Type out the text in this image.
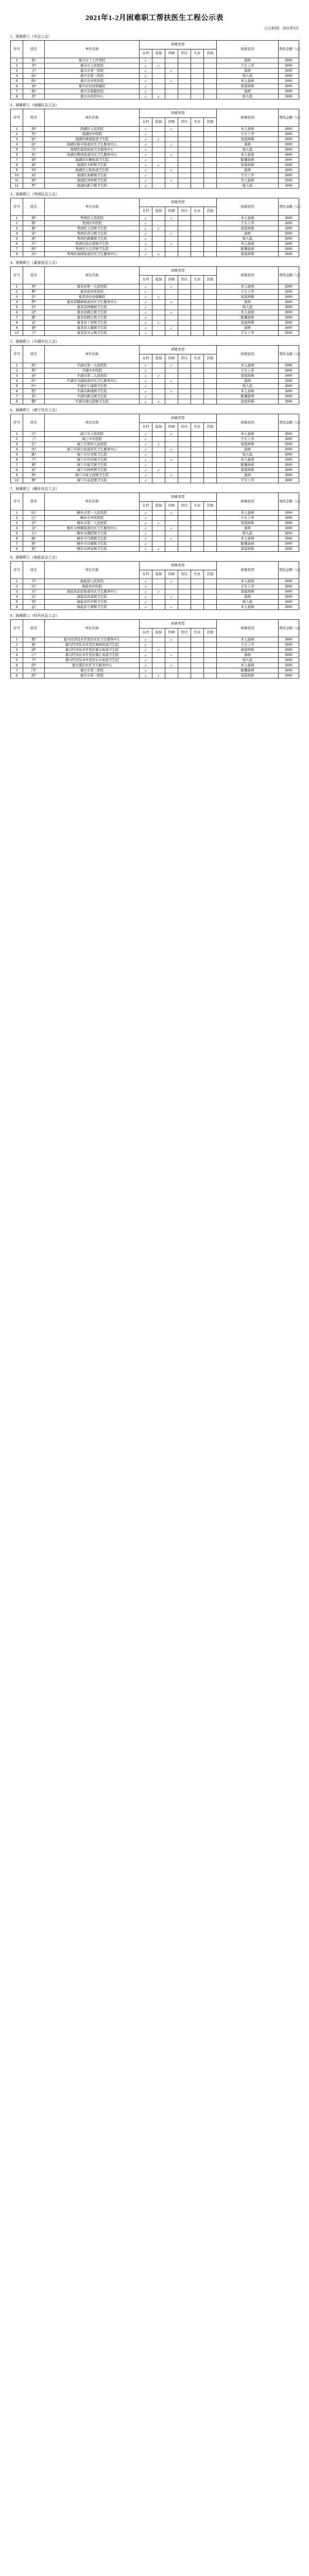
2021年1-2月困难职工帮扶医生工程公示表
公示时间：2021年3月
1、困难职工（市总工会）
序号	姓名	单位名称	困难类型						困难原因	帮扶金额（元）
			在档	低保	因病	因灾	失业	其他		
1	张*	嘉兴市工人疗养院	✓						患病	3000
2	李*	嘉兴市人民医院	✓	✓					子女上学	3000
3	王*	嘉兴市第一医院	✓		✓				患病	3000
4	赵*	嘉兴市第二医院	✓						收入低	3000
5	陈*	嘉兴市中医医院	✓		✓				本人患病	3000
6	刘*	嘉兴市妇幼保健院	✓						家庭困难	3000
7	杨*	嘉兴市康慈医院	✓						患病	3000
8	黄*	嘉兴市疾控中心	✓	✓					收入低	3000
2、困难职工（南湖区总工会）
序号	姓名	单位名称	困难类型						困难原因	帮扶金额（元）
			在档	低保	因病	因灾	失业	其他		
1	周*	南湖区人民医院	✓		✓				本人患病	3000
2	吴*	南湖区中医院	✓						子女上学	3000
3	徐*	南湖区城南街道卫生院	✓	✓					家庭困难	3000
4	孙*	南湖区新兴街道社区卫生服务中心	✓		✓				患病	3000
5	马*	南湖区建设街道卫生服务中心	✓						收入低	3000
6	朱*	南湖区解放街道社区卫生服务中心	✓		✓				本人患病	3000
7	胡*	南湖区东栅街道卫生院	✓						配偶患病	3000
8	郭*	南湖区大桥镇卫生院	✓	✓					家庭困难	3000
9	何*	南湖区七星街道卫生院	✓		✓				患病	3000
10	高*	南湖区余新镇卫生院	✓						子女上学	3000
11	林*	南湖区凤桥镇卫生院	✓		✓				本人患病	3000
12	罗*	南湖区新丰镇卫生院	✓						收入低	3000
3、困难职工（秀洲区总工会）
序号	姓名	单位名称	困难类型						困难原因	帮扶金额（元）
			在档	低保	因病	因灾	失业	其他		
1	郑*	秀洲区人民医院	✓		✓				本人患病	3000
2	梁*	秀洲区中医院	✓						子女上学	3000
3	谢*	秀洲区王店镇卫生院	✓	✓					家庭困难	3000
4	宋*	秀洲区洪合镇卫生院	✓		✓				患病	3000
5	唐*	秀洲区新塍镇卫生院	✓						收入低	3000
6	许*	秀洲区油车港镇卫生院	✓		✓				本人患病	3000
7	韩*	秀洲区王江泾镇卫生院	✓						配偶患病	3000
8	冯*	秀洲区高照街道社区卫生服务中心	✓	✓					家庭困难	3000
4、困难职工（嘉善县总工会）
序号	姓名	单位名称	困难类型						困难原因	帮扶金额（元）
			在档	低保	因病	因灾	失业	其他		
1	邓*	嘉善县第一人民医院	✓		✓				本人患病	3000
2	曹*	嘉善县中医医院	✓						子女上学	3000
3	彭*	嘉善县妇幼保健院	✓	✓					家庭困难	3000
4	曾*	嘉善县魏塘街道社区卫生服务中心	✓		✓				患病	3000
5	肖*	嘉善县西塘镇卫生院	✓						收入低	3000
6	田*	嘉善县姚庄镇卫生院	✓		✓				本人患病	3000
7	董*	嘉善县陶庄镇卫生院	✓						配偶患病	3000
8	袁*	嘉善县干窑镇卫生院	✓	✓					家庭困难	3000
9	潘*	嘉善县天凝镇卫生院	✓		✓				患病	3000
10	于*	嘉善县大云镇卫生院	✓						子女上学	3000
5、困难职工（平湖市总工会）
序号	姓名	单位名称	困难类型						困难原因	帮扶金额（元）
			在档	低保	因病	因灾	失业	其他		
1	蒋*	平湖市第一人民医院	✓		✓				本人患病	3000
2	蔡*	平湖市中医院	✓						子女上学	3000
3	余*	平湖市第二人民医院	✓	✓					家庭困难	3000
4	杜*	平湖市当湖街道社区卫生服务中心	✓		✓				患病	3000
5	叶*	平湖市乍浦镇卫生院	✓						收入低	3000
6	程*	平湖市新埭镇卫生院	✓		✓				本人患病	3000
7	苏*	平湖市新仓镇卫生院	✓						配偶患病	3000
8	魏*	平湖市独山港镇卫生院	✓	✓					家庭困难	3000
6、困难职工（海宁市总工会）
序号	姓名	单位名称	困难类型						困难原因	帮扶金额（元）
			在档	低保	因病	因灾	失业	其他		
1	吕*	海宁市人民医院	✓		✓				本人患病	3000
2	丁*	海宁市中医院	✓						子女上学	3000
3	任*	海宁市第四人民医院	✓	✓					家庭困难	3000
4	沈*	海宁市硖石街道社区卫生服务中心	✓		✓				患病	3000
5	姚*	海宁市长安镇卫生院	✓						收入低	3000
6	卢*	海宁市许村镇卫生院	✓		✓				本人患病	3000
7	姜*	海宁市盐官镇卫生院	✓						配偶患病	3000
8	崔*	海宁市斜桥镇卫生院	✓	✓					家庭困难	3000
9	钟*	海宁市周王庙镇卫生院	✓		✓				患病	3000
10	谭*	海宁市袁花镇卫生院	✓						子女上学	3000
7、困难职工（桐乡市总工会）
序号	姓名	单位名称	困难类型						困难原因	帮扶金额（元）
			在档	低保	因病	因灾	失业	其他		
1	陆*	桐乡市第一人民医院	✓		✓				本人患病	3000
2	汪*	桐乡市中医医院	✓						子女上学	3000
3	范*	桐乡市第二人民医院	✓	✓					家庭困难	3000
4	金*	桐乡市梧桐街道社区卫生服务中心	✓		✓				患病	3000
5	石*	桐乡市濮院镇卫生院	✓						收入低	3000
6	廖*	桐乡市乌镇镇卫生院	✓		✓				本人患病	3000
7	贾*	桐乡市崇福镇卫生院	✓						配偶患病	3000
8	夏*	桐乡市洲泉镇卫生院	✓	✓					家庭困难	3000
8、困难职工（海盐县总工会）
序号	姓名	单位名称	困难类型						困难原因	帮扶金额（元）
			在档	低保	因病	因灾	失业	其他		
1	韦*	海盐县人民医院	✓		✓				本人患病	3000
2	付*	海盐县中医院	✓						子女上学	3000
3	方*	海盐县武原街道社区卫生服务中心	✓	✓					家庭困难	3000
4	白*	海盐县沈荡镇卫生院	✓		✓				患病	3000
5	邹*	海盐县百步镇卫生院	✓						收入低	3000
6	孟*	海盐县于城镇卫生院	✓		✓				本人患病	3000
9、困难职工（经开区总工会）
序号	姓名	单位名称	困难类型						困难原因	帮扶金额（元）
			在档	低保	因病	因灾	失业	其他		
1	熊*	嘉兴经济技术开发区社区卫生服务中心	✓		✓				本人患病	3000
2	秦*	嘉兴经济技术开发区城南街道卫生院	✓						子女上学	3000
3	邱*	嘉兴经济技术开发区嘉北街道卫生院	✓	✓					家庭困难	3000
4	江*	嘉兴经济技术开发区塘汇街道卫生院	✓		✓				患病	3000
5	尹*	嘉兴经济技术开发区长水街道卫生院	✓						收入低	3000
6	薛*	嘉兴港区社区卫生服务中心	✓		✓				本人患病	3000
7	闫*	嘉兴市第二医院	✓						配偶患病	3000
8	段*	嘉兴市第一医院	✓	✓					家庭困难	3000
